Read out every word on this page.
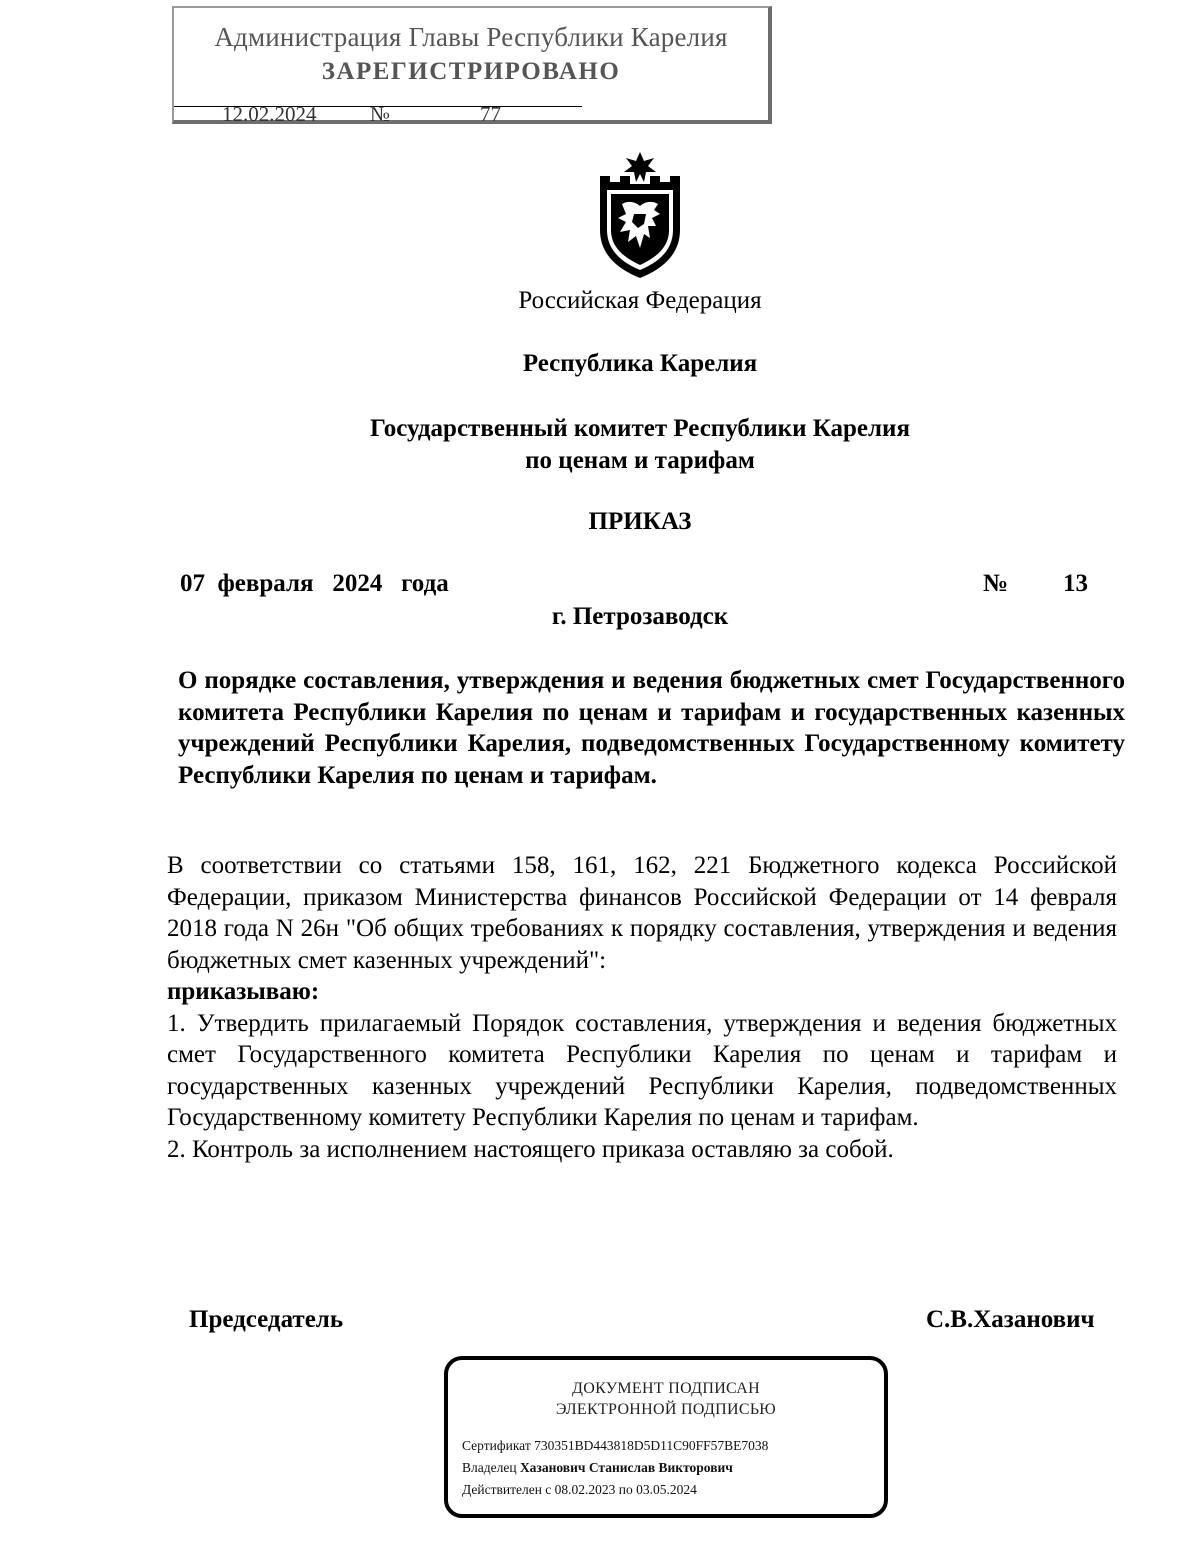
Администрация Главы Республики Карелия
ЗАРЕГИСТРИРОВАНО
12.02.2024	№	77
Российская Федерация
Республика Карелия
Государственный комитет Республики Карелия
по ценам и тарифам
ПРИКАЗ
07  февраля   2024   года	№ 13
г. Петрозаводск
О порядке составления, утверждения и ведения бюджетных смет Государственного комитета Республики Карелия по ценам и тарифам и государственных казенных учреждений Республики Карелия, подведомственных Государственному комитету Республики Карелия по ценам и тарифам.

В соответствии со статьями 158, 161, 162, 221 Бюджетного кодекса Российской Федерации, приказом Министерства финансов Российской Федерации от 14 февраля 2018 года N 26н "Об общих требованиях к порядку составления, утверждения и ведения бюджетных смет казенных учреждений":

приказываю:

1. Утвердить прилагаемый Порядок составления, утверждения и ведения бюджетных смет Государственного комитета Республики Карелия по ценам и тарифам и государственных казенных учреждений Республики Карелия, подведомственных Государственному комитету Республики Карелия по ценам и тарифам.

2. Контроль за исполнением настоящего приказа оставляю за собой.

Председатель	С.В.Хазанович
ДОКУМЕНТ ПОДПИСАН
ЭЛЕКТРОННОЙ ПОДПИСЬЮ
Сертификат 730351BD443818D5D11C90FF57BE7038
Владелец Хазанович Станислав Викторович
Действителен с 08.02.2023 по 03.05.2024
